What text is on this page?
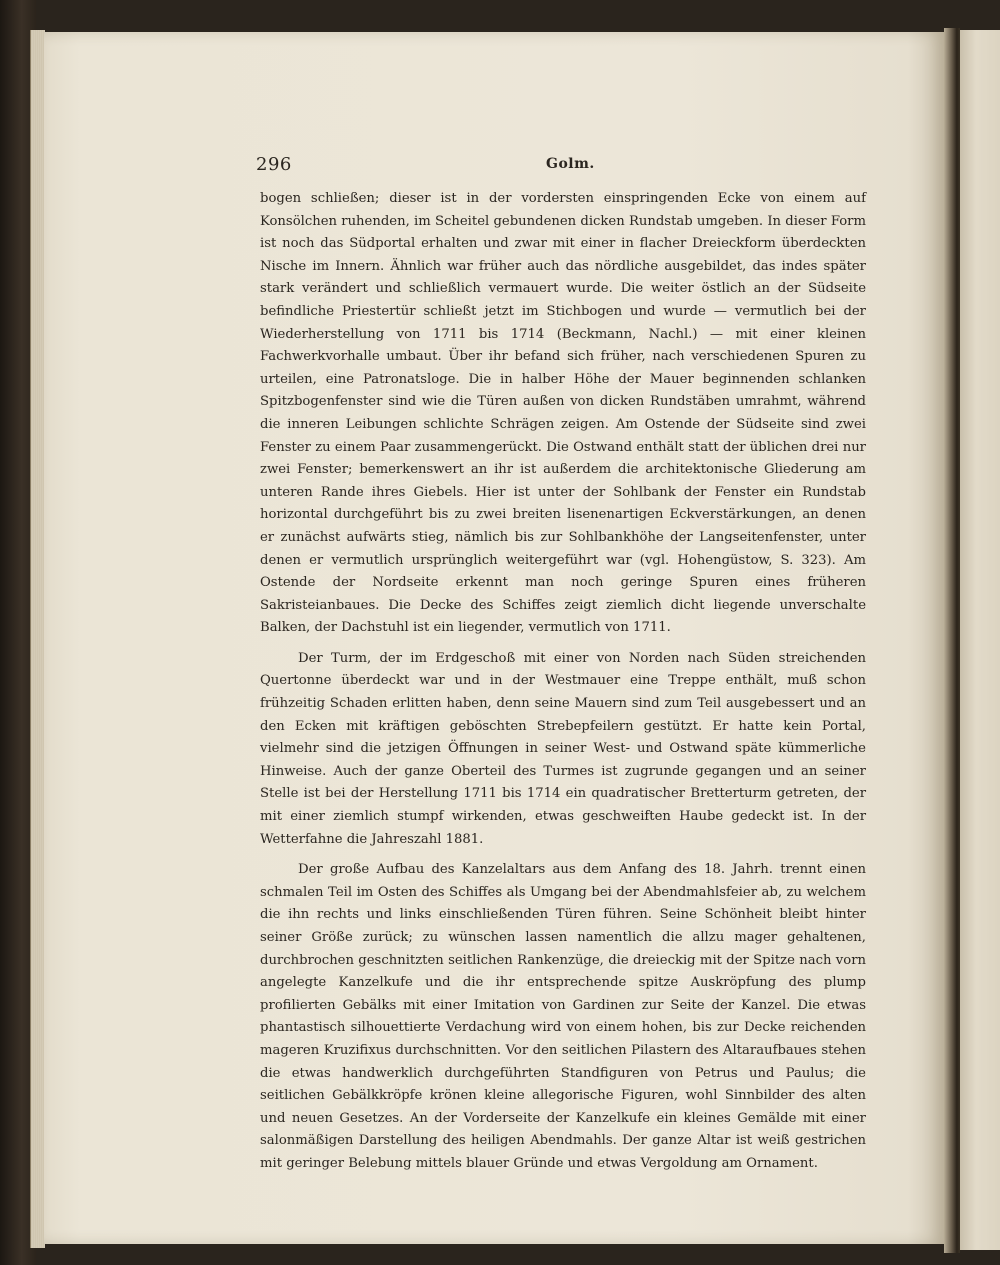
296	Golm.

bogen schließen; dieser ist in der vordersten einspringenden Ecke von einem auf Konsölchen ruhenden, im Scheitel gebundenen dicken Rundstab umgeben. In dieser Form ist noch das Südportal erhalten und zwar mit einer in flacher Dreieckform überdeckten Nische im Innern. Ähnlich war früher auch das nördliche ausgebildet, das indes später stark verändert und schließlich vermauert wurde. Die weiter östlich an der Südseite befindliche Priestertür schließt jetzt im Stichbogen und wurde — vermutlich bei der Wiederherstellung von 1711 bis 1714 (Beckmann, Nachl.) — mit einer kleinen Fachwerkvorhalle umbaut. Über ihr befand sich früher, nach verschiedenen Spuren zu urteilen, eine Patronatsloge. Die in halber Höhe der Mauer beginnenden schlanken Spitzbogenfenster sind wie die Türen außen von dicken Rundstäben umrahmt, während die inneren Leibungen schlichte Schrägen zeigen. Am Ostende der Südseite sind zwei Fenster zu einem Paar zusammengerückt. Die Ostwand enthält statt der üblichen drei nur zwei Fenster; bemerkenswert an ihr ist außerdem die architektonische Gliederung am unteren Rande ihres Giebels. Hier ist unter der Sohlbank der Fenster ein Rundstab horizontal durchgeführt bis zu zwei breiten lisenenartigen Eckverstärkungen, an denen er zunächst aufwärts stieg, nämlich bis zur Sohlbankhöhe der Langseitenfenster, unter denen er vermutlich ursprünglich weitergeführt war (vgl. Hohengüstow, S. 323). Am Ostende der Nordseite erkennt man noch geringe Spuren eines früheren Sakristeianbaues. Die Decke des Schiffes zeigt ziemlich dicht liegende unverschalte Balken, der Dachstuhl ist ein liegender, vermutlich von 1711.

Der Turm, der im Erdgeschoß mit einer von Norden nach Süden streichenden Quertonne überdeckt war und in der Westmauer eine Treppe enthält, muß schon frühzeitig Schaden erlitten haben, denn seine Mauern sind zum Teil ausgebessert und an den Ecken mit kräftigen geböschten Strebepfeilern gestützt. Er hatte kein Portal, vielmehr sind die jetzigen Öffnungen in seiner West- und Ostwand späte kümmerliche Hinweise. Auch der ganze Oberteil des Turmes ist zugrunde gegangen und an seiner Stelle ist bei der Herstellung 1711 bis 1714 ein quadratischer Bretterturm getreten, der mit einer ziemlich stumpf wirkenden, etwas geschweiften Haube gedeckt ist. In der Wetterfahne die Jahreszahl 1881.

Der große Aufbau des Kanzelaltars aus dem Anfang des 18. Jahrh. trennt einen schmalen Teil im Osten des Schiffes als Umgang bei der Abendmahlsfeier ab, zu welchem die ihn rechts und links einschließenden Türen führen. Seine Schönheit bleibt hinter seiner Größe zurück; zu wünschen lassen namentlich die allzu mager gehaltenen, durchbrochen geschnitzten seitlichen Rankenzüge, die dreieckig mit der Spitze nach vorn angelegte Kanzelkufe und die ihr entsprechende spitze Auskröpfung des plump profilierten Gebälks mit einer Imitation von Gardinen zur Seite der Kanzel. Die etwas phantastisch silhouettierte Verdachung wird von einem hohen, bis zur Decke reichenden mageren Kruzifixus durchschnitten. Vor den seitlichen Pilastern des Altaraufbaues stehen die etwas handwerklich durchgeführten Standfiguren von Petrus und Paulus; die seitlichen Gebälkkröpfe krönen kleine allegorische Figuren, wohl Sinnbilder des alten und neuen Gesetzes. An der Vorderseite der Kanzelkufe ein kleines Gemälde mit einer salonmäßigen Darstellung des heiligen Abendmahls. Der ganze Altar ist weiß gestrichen mit geringer Belebung mittels blauer Gründe und etwas Vergoldung am Ornament.
